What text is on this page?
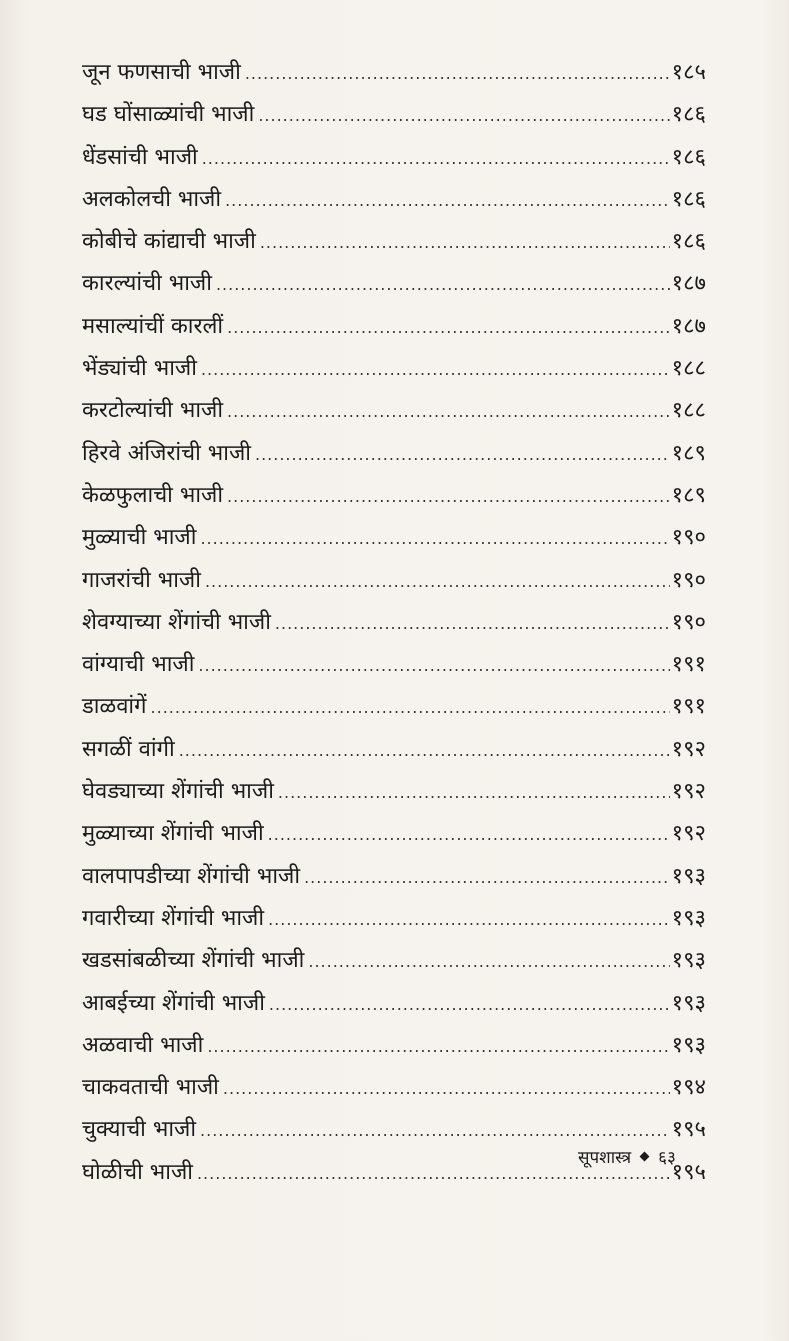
जून फणसाची भाजी .....	१८५
घड घोंसाळ्यांची भाजी .....	१८६
धेंडसांची भाजी .....	१८६
अलकोलची भाजी .....	१८६
कोबीचे कांद्याची भाजी .....	१८६
कारल्यांची भाजी .....	१८७
मसाल्यांचीं कारलीं .....	१८७
भेंड्यांची भाजी .....	१८८
करटोल्यांची भाजी .....	१८८
हिरवे अंजिरांची भाजी .....	१८९
केळफुलाची भाजी .....	१८९
मुळ्याची भाजी .....	१९०
गाजरांची भाजी .....	१९०
शेवग्याच्या शेंगांची भाजी .....	१९०
वांग्याची भाजी .....	१९१
डाळवांगें .....	१९१
सगळीं वांगी .....	१९२
घेवड्याच्या शेंगांची भाजी .....	१९२
मुळ्याच्या शेंगांची भाजी .....	१९२
वालपापडीच्या शेंगांची भाजी .....	१९३
गवारीच्या शेंगांची भाजी .....	१९३
खडसांबळीच्या शेंगांची भाजी .....	१९३
आबईच्या शेंगांची भाजी .....	१९३
अळवाची भाजी .....	१९३
चाकवताची भाजी .....	१९४
चुक्याची भाजी .....	१९५
घोळीची भाजी .....	१९५
सूपशास्त्र ६३
